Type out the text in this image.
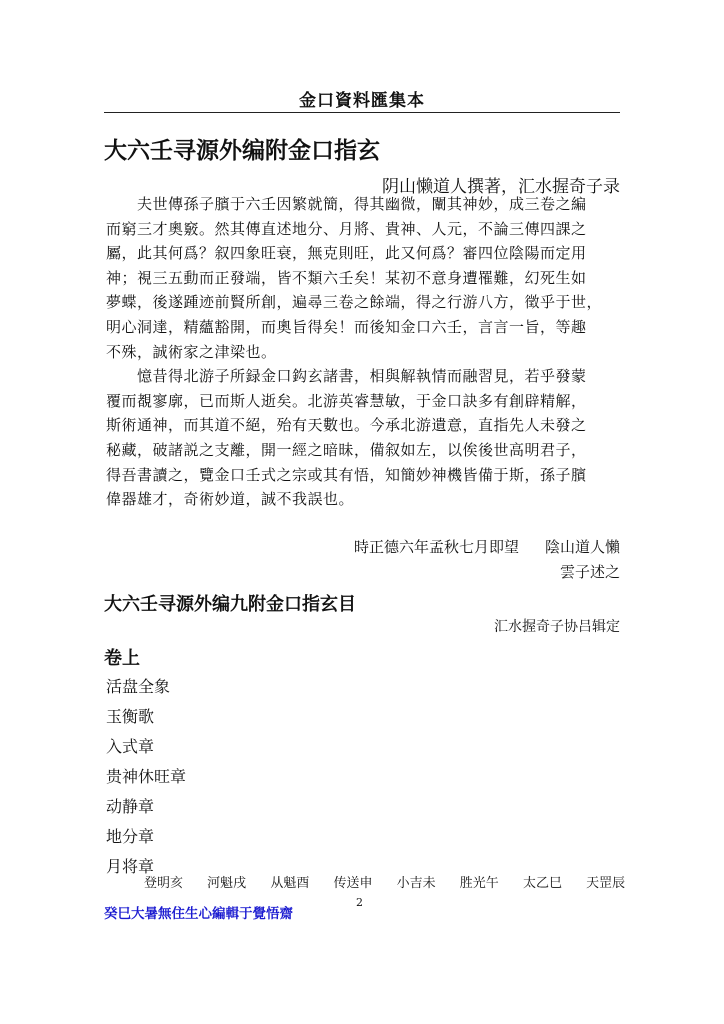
金口資料匯集本
大六壬寻源外编附金口指玄
阴山懒道人撰著，汇水握奇子录
　　夫世傳孫子臏于六壬因繁就簡，得其幽微，闡其神妙，成三卷之編
而窮三才奧竅。然其傳直述地分、月將、貴神、人元，不論三傳四課之
屬，此其何爲？叙四象旺衰，無克則旺，此又何爲？審四位陰陽而定用
神；視三五動而正發端，皆不類六壬矣！某初不意身遭罹難，幻死生如
夢蝶，後遂踵迹前賢所創，遍尋三卷之餘端，得之行游八方，徵乎于世，
明心洞達，精蘊豁開，而奧旨得矣！而後知金口六壬，言言一旨，等趣
不殊，誠術家之津梁也。
　　憶昔得北游子所録金口鈎玄諸書，相與解執情而融習見，若乎發蒙
覆而覩寥廓，已而斯人逝矣。北游英睿慧敏，于金口訣多有創辟精解，
斯術通神，而其道不絕，殆有天數也。今承北游遺意，直指先人未發之
秘藏，破諸説之支離，開一經之暗昧，備叙如左，以俟後世高明君子，
得吾書讀之，覽金口壬式之宗或其有悟，知簡妙神機皆備于斯，孫子臏
偉器雄才，奇術妙道，誠不我誤也。
時正德六年孟秋七月即望 陰山道人懶
雲子述之
大六壬寻源外编九附金口指玄目
汇水握奇子协吕辑定
卷上
活盘全象
玉衡歌
入式章
贵神休旺章
动静章
地分章
月将章
登明亥 河魁戌 从魁酉 传送申 小吉未 胜光午 太乙巳 天罡辰
癸巳大暑無住生心編輯于覺悟齋
2
